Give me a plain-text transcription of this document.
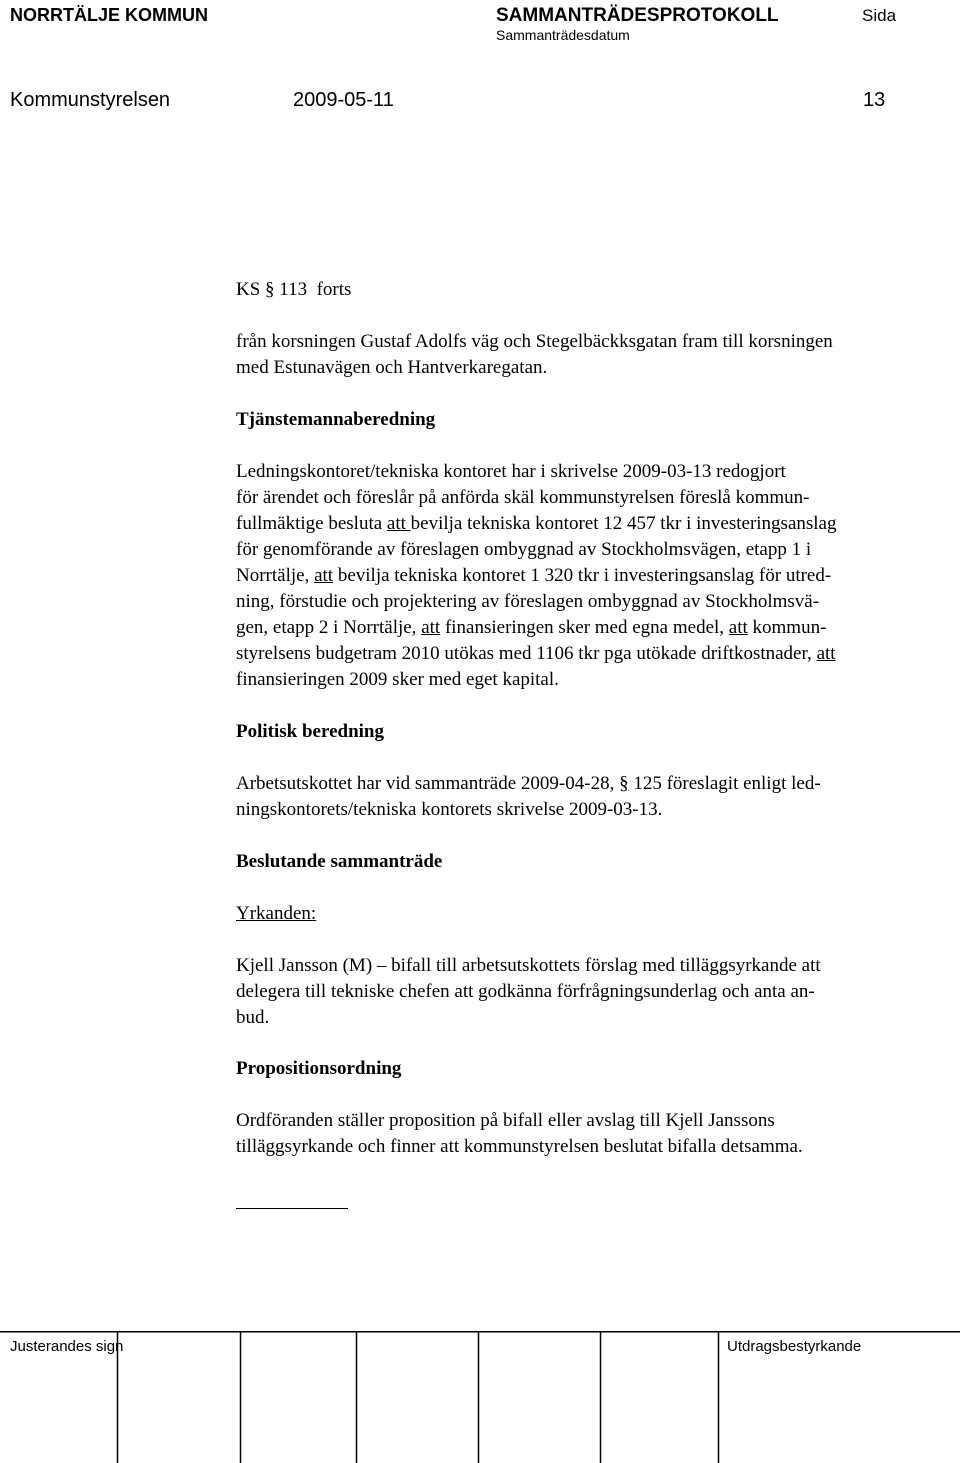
NORRTÄLJE KOMMUN	SAMMANTRÄDESPROTOKOLL	Sida
Sammanträdesdatum
Kommunstyrelsen	2009-05-11	13

KS § 113  forts

från korsningen Gustaf Adolfs väg och Stegelbäckksgatan fram till korsningen
med Estunavägen och Hantverkaregatan.
Tjänstemannaberedning
Ledningskontoret/tekniska kontoret har i skrivelse 2009-03-13 redogjort
för ärendet och föreslår på anförda skäl kommunstyrelsen föreslå kommun-
fullmäktige besluta att bevilja tekniska kontoret 12 457 tkr i investeringsanslag
för genomförande av föreslagen ombyggnad av Stockholmsvägen, etapp 1 i
Norrtälje, att bevilja tekniska kontoret 1 320 tkr i investeringsanslag för utred-
ning, förstudie och projektering av föreslagen ombyggnad av Stockholmsvä-
gen, etapp 2 i Norrtälje, att finansieringen sker med egna medel, att kommun-
styrelsens budgetram 2010 utökas med 1106 tkr pga utökade driftkostnader, att
finansieringen 2009 sker med eget kapital.
Politisk beredning
Arbetsutskottet har vid sammanträde 2009-04-28, § 125 föreslagit enligt led-
ningskontorets/tekniska kontorets skrivelse 2009-03-13.
Beslutande sammanträde
Yrkanden:
Kjell Jansson (M) – bifall till arbetsutskottets förslag med tilläggsyrkande att
delegera till tekniske chefen att godkänna förfrågningsunderlag och anta an-
bud.
Propositionsordning
Ordföranden ställer proposition på bifall eller avslag till Kjell Janssons
tilläggsyrkande och finner att kommunstyrelsen beslutat bifalla detsamma.
Justerandes sign	Utdragsbestyrkande
